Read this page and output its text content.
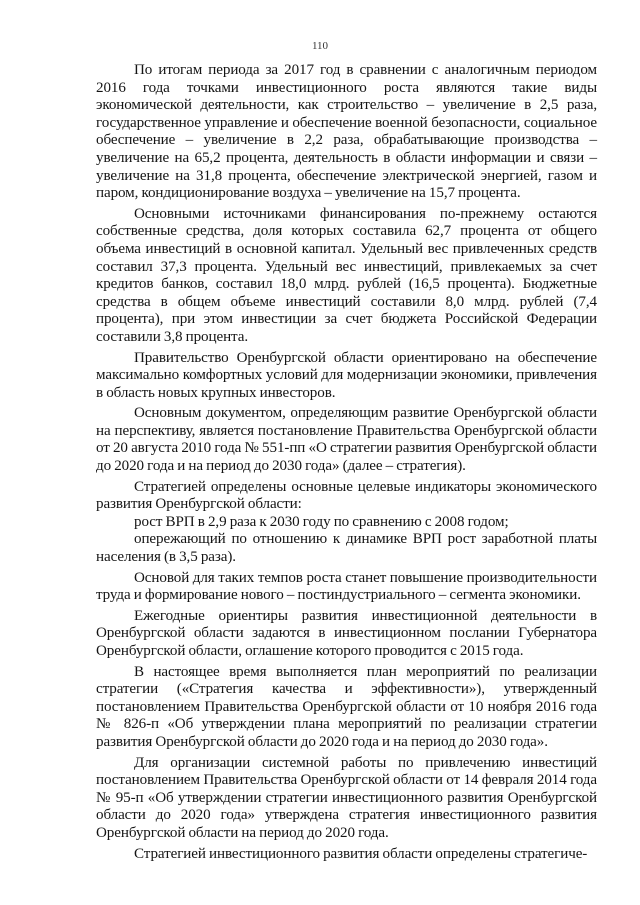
110

По итогам периода за 2017 год в сравнении с аналогичным периодом 2016 года точками инвестиционного роста являются такие виды экономической деятельности, как строительство – увеличение в 2,5 раза, государственное управление и обеспечение военной безопасности, социальное обеспечение – увеличение в 2,2 раза, обрабатывающие производства – увеличение на 65,2 процента, деятельность в области информации и связи – увеличение на 31,8 процента, обеспечение электрической энергией, газом и паром, кондиционирование воздуха – увеличение на 15,7 процента.

Основными источниками финансирования по-прежнему остаются собственные средства, доля которых составила 62,7 процента от общего объема инвестиций в основной капитал. Удельный вес привлеченных средств составил 37,3 процента. Удельный вес инвестиций, привлекаемых за счет кредитов банков, составил 18,0 млрд. рублей (16,5 процента). Бюджетные средства в общем объеме инвестиций составили 8,0 млрд. рублей (7,4 процента), при этом инвестиции за счет бюджета Российской Федерации составили 3,8 процента.

Правительство Оренбургской области ориентировано на обеспечение максимально комфортных условий для модернизации экономики, привлечения в область новых крупных инвесторов.

Основным документом, определяющим развитие Оренбургской области на перспективу, является постановление Правительства Оренбургской области от 20 августа 2010 года № 551-пп «О стратегии развития Оренбургской области до 2020 года и на период до 2030 года» (далее – стратегия).

Стратегией определены основные целевые индикаторы экономического развития Оренбургской области:

рост ВРП в 2,9 раза к 2030 году по сравнению с 2008 годом;

опережающий по отношению к динамике ВРП рост заработной платы населения (в 3,5 раза).

Основой для таких темпов роста станет повышение производительности труда и формирование нового – постиндустриального – сегмента экономики.

Ежегодные ориентиры развития инвестиционной деятельности в Оренбургской области задаются в инвестиционном послании Губернатора Оренбургской области, оглашение которого проводится с 2015 года.

В настоящее время выполняется план мероприятий по реализации стратегии («Стратегия качества и эффективности»), утвержденный постановлением Правительства Оренбургской области от 10 ноября 2016 года № 826-п «Об утверждении плана мероприятий по реализации стратегии развития Оренбургской области до 2020 года и на период до 2030 года».

Для организации системной работы по привлечению инвестиций постановлением Правительства Оренбургской области от 14 февраля 2014 года № 95-п «Об утверждении стратегии инвестиционного развития Оренбургской области до 2020 года» утверждена стратегия инвестиционного развития Оренбургской области на период до 2020 года.

Стратегией инвестиционного развития области определены стратегиче-
